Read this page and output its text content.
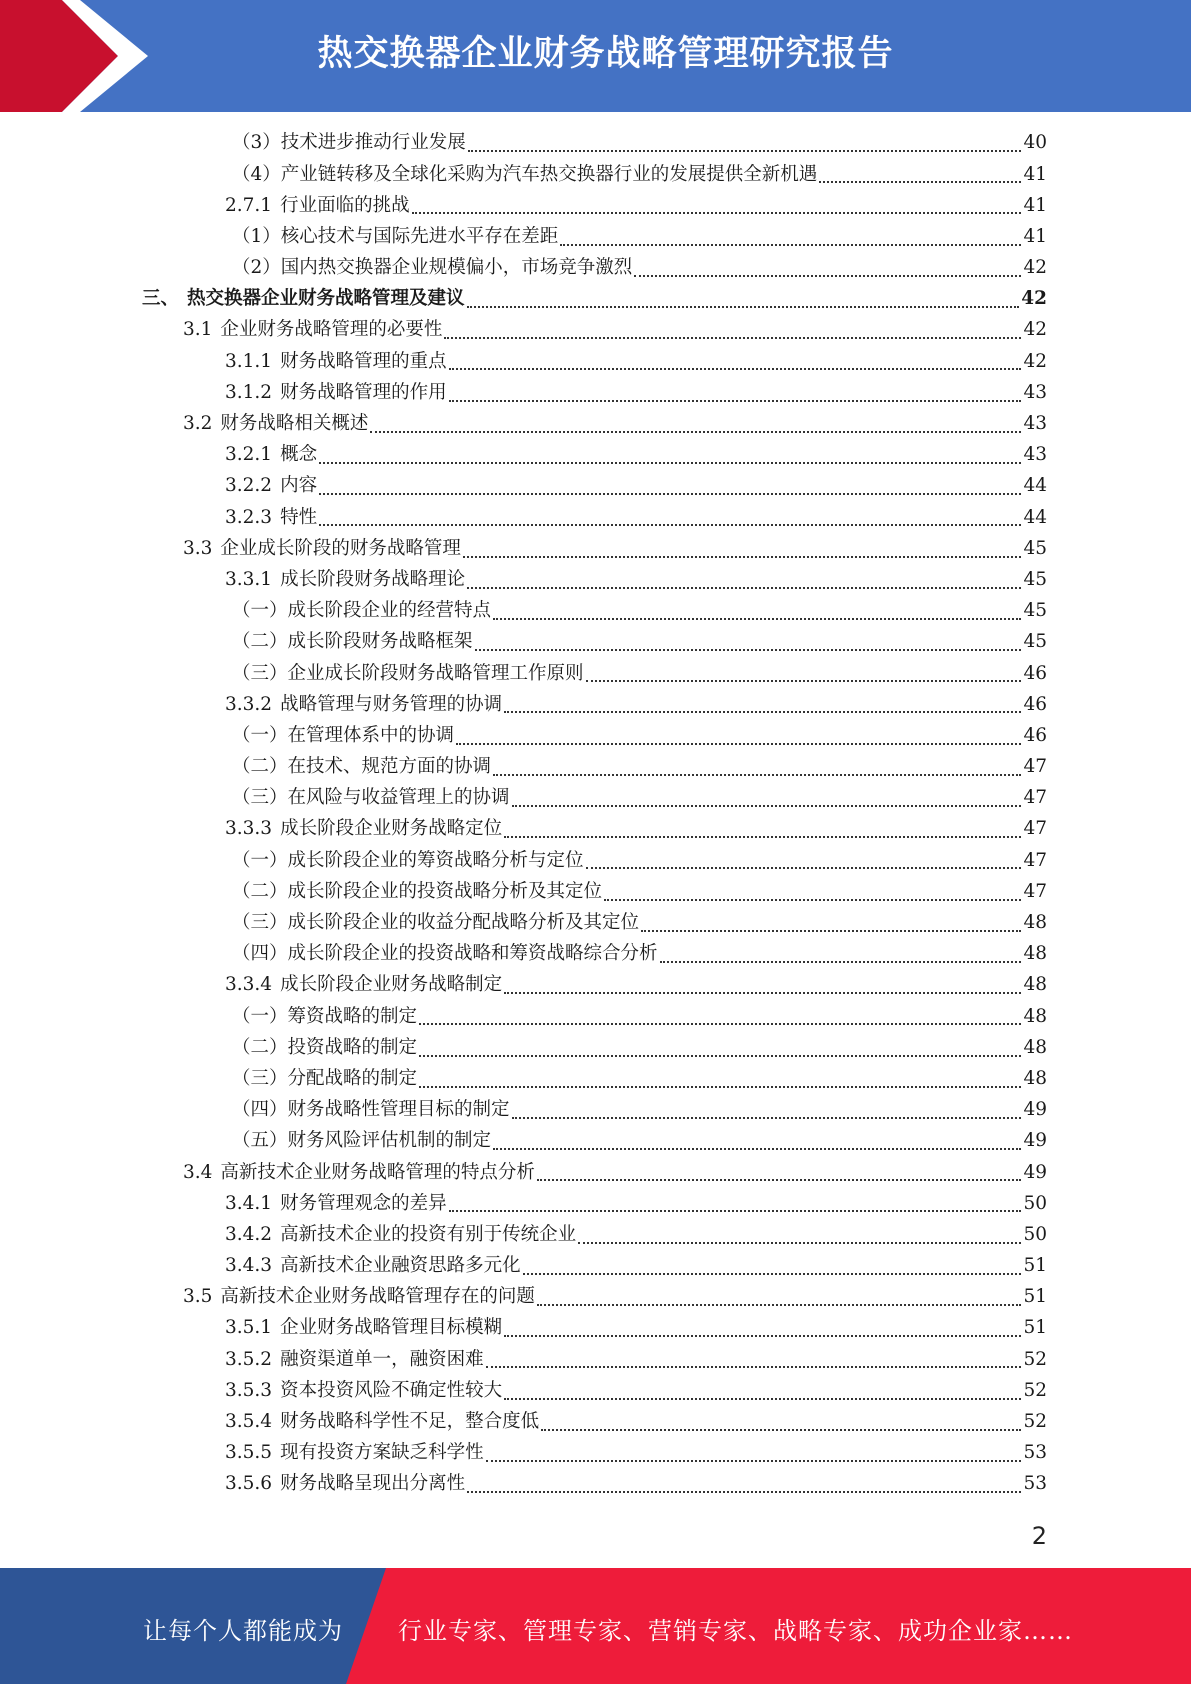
热交换器企业财务战略管理研究报告
（3） 技术进步推动行业发展	40
（4） 产业链转移及全球化采购为汽车热交换器行业的发展提供全新机遇	41
2.7.1 行业面临的挑战	41
（1） 核心技术与国际先进水平存在差距	41
（2） 国内热交换器企业规模偏小，市场竞争激烈	42
三、 热交换器企业财务战略管理及建议	42
3.1 企业财务战略管理的必要性	42
3.1.1 财务战略管理的重点	42
3.1.2 财务战略管理的作用	43
3.2 财务战略相关概述	43
3.2.1 概念	43
3.2.2 内容	44
3.2.3 特性	44
3.3 企业成长阶段的财务战略管理	45
3.3.1 成长阶段财务战略理论	45
（一） 成长阶段企业的经营特点	45
（二） 成长阶段财务战略框架	45
（三） 企业成长阶段财务战略管理工作原则	46
3.3.2 战略管理与财务管理的协调	46
（一） 在管理体系中的协调	46
（二） 在技术、规范方面的协调	47
（三） 在风险与收益管理上的协调	47
3.3.3 成长阶段企业财务战略定位	47
（一） 成长阶段企业的筹资战略分析与定位	47
（二） 成长阶段企业的投资战略分析及其定位	47
（三） 成长阶段企业的收益分配战略分析及其定位	48
（四） 成长阶段企业的投资战略和筹资战略综合分析	48
3.3.4 成长阶段企业财务战略制定	48
（一） 筹资战略的制定	48
（二） 投资战略的制定	48
（三） 分配战略的制定	48
（四） 财务战略性管理目标的制定	49
（五） 财务风险评估机制的制定	49
3.4 高新技术企业财务战略管理的特点分析	49
3.4.1 财务管理观念的差异	50
3.4.2 高新技术企业的投资有别于传统企业	50
3.4.3 高新技术企业融资思路多元化	51
3.5 高新技术企业财务战略管理存在的问题	51
3.5.1 企业财务战略管理目标模糊	51
3.5.2 融资渠道单一，融资困难	52
3.5.3 资本投资风险不确定性较大	52
3.5.4 财务战略科学性不足，整合度低	52
3.5.5 现有投资方案缺乏科学性	53
3.5.6 财务战略呈现出分离性	53
2
让每个人都能成为 行业专家、管理专家、营销专家、战略专家、成功企业家……
